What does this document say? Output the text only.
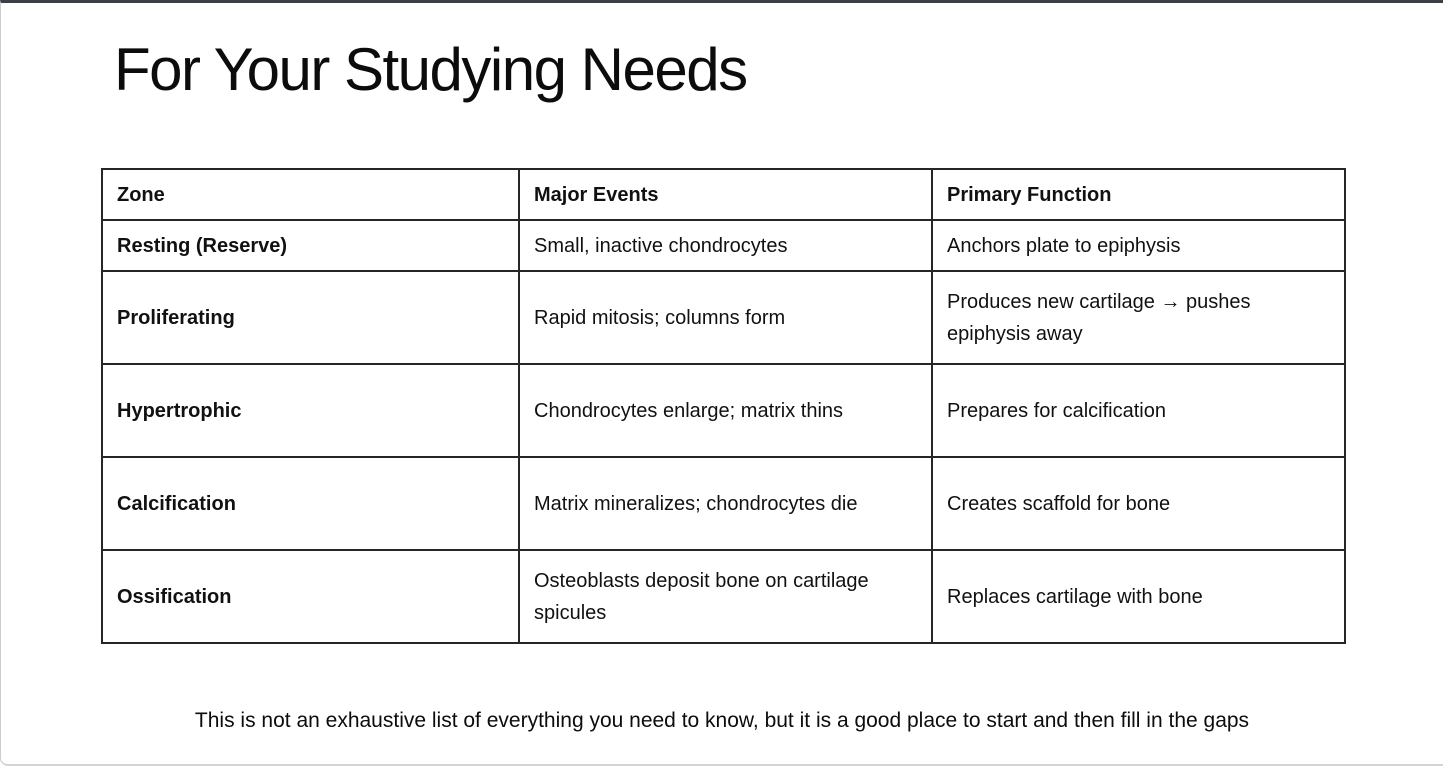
For Your Studying Needs
Zone	Major Events	Primary Function
Resting (Reserve)	Small, inactive chondrocytes	Anchors plate to epiphysis
Proliferating	Rapid mitosis; columns form	Produces new cartilage → pushes epiphysis away
Hypertrophic	Chondrocytes enlarge; matrix thins	Prepares for calcification
Calcification	Matrix mineralizes; chondrocytes die	Creates scaffold for bone
Ossification	Osteoblasts deposit bone on cartilage spicules	Replaces cartilage with bone
This is not an exhaustive list of everything you need to know, but it is a good place to start and then fill in the gaps
